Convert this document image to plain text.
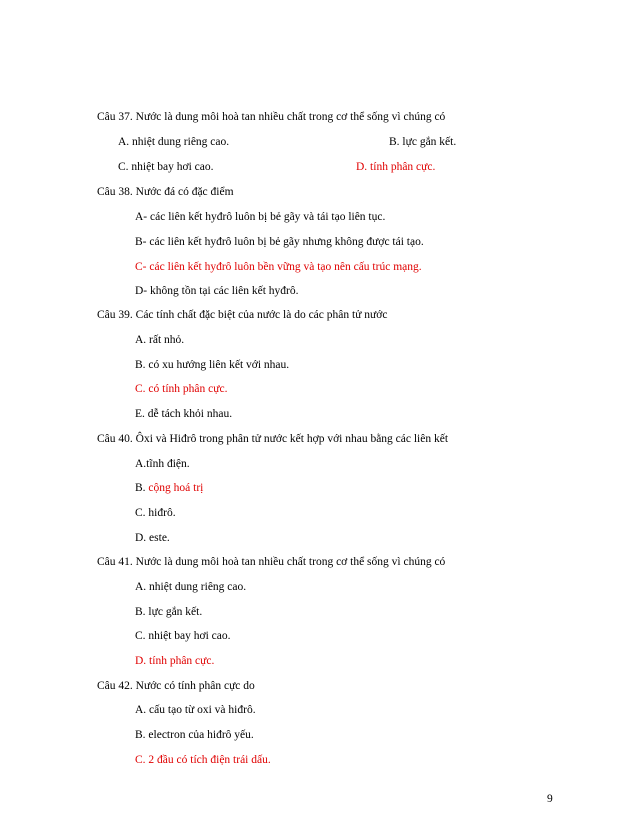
Câu 37. Nước là dung môi hoà tan nhiều chất trong cơ thể sống vì chúng có
A. nhiệt dung riêng cao.	B. lực gắn kết.
C. nhiệt bay hơi cao.	D. tính phân cực.
Câu 38. Nước đá có đặc điểm
A- các liên kết hyđrô luôn bị bẻ gãy và tái tạo liên tục.
B- các liên kết hyđrô luôn bị bẻ gãy nhưng không được tái tạo.
C- các liên kết hyđrô luôn bền vững và tạo nên cấu trúc mạng.
D- không tồn tại các liên kết hyđrô.
Câu 39. Các tính chất đặc biệt của nước là do các phân tử nước
A. rất nhỏ.
B. có xu hướng liên kết với nhau.
C. có tính phân cực.
E. dễ tách khỏi nhau.
Câu 40. Ôxi và Hiđrô trong phân tử nước kết hợp với nhau bằng các liên kết
A.tĩnh điện.
B. cộng hoá trị
C. hiđrô.
D. este.
Câu 41. Nước là dung môi hoà tan nhiều chất trong cơ thể sống vì chúng có
A. nhiệt dung riêng cao.
B. lực gắn kết.
C. nhiệt bay hơi cao.
D. tính phân cực.
Câu 42. Nước có tính phân cực do
A. cấu tạo từ oxi và hiđrô.
B. electron của hiđrô yếu.
C. 2 đầu có tích điện trái dấu.
9
